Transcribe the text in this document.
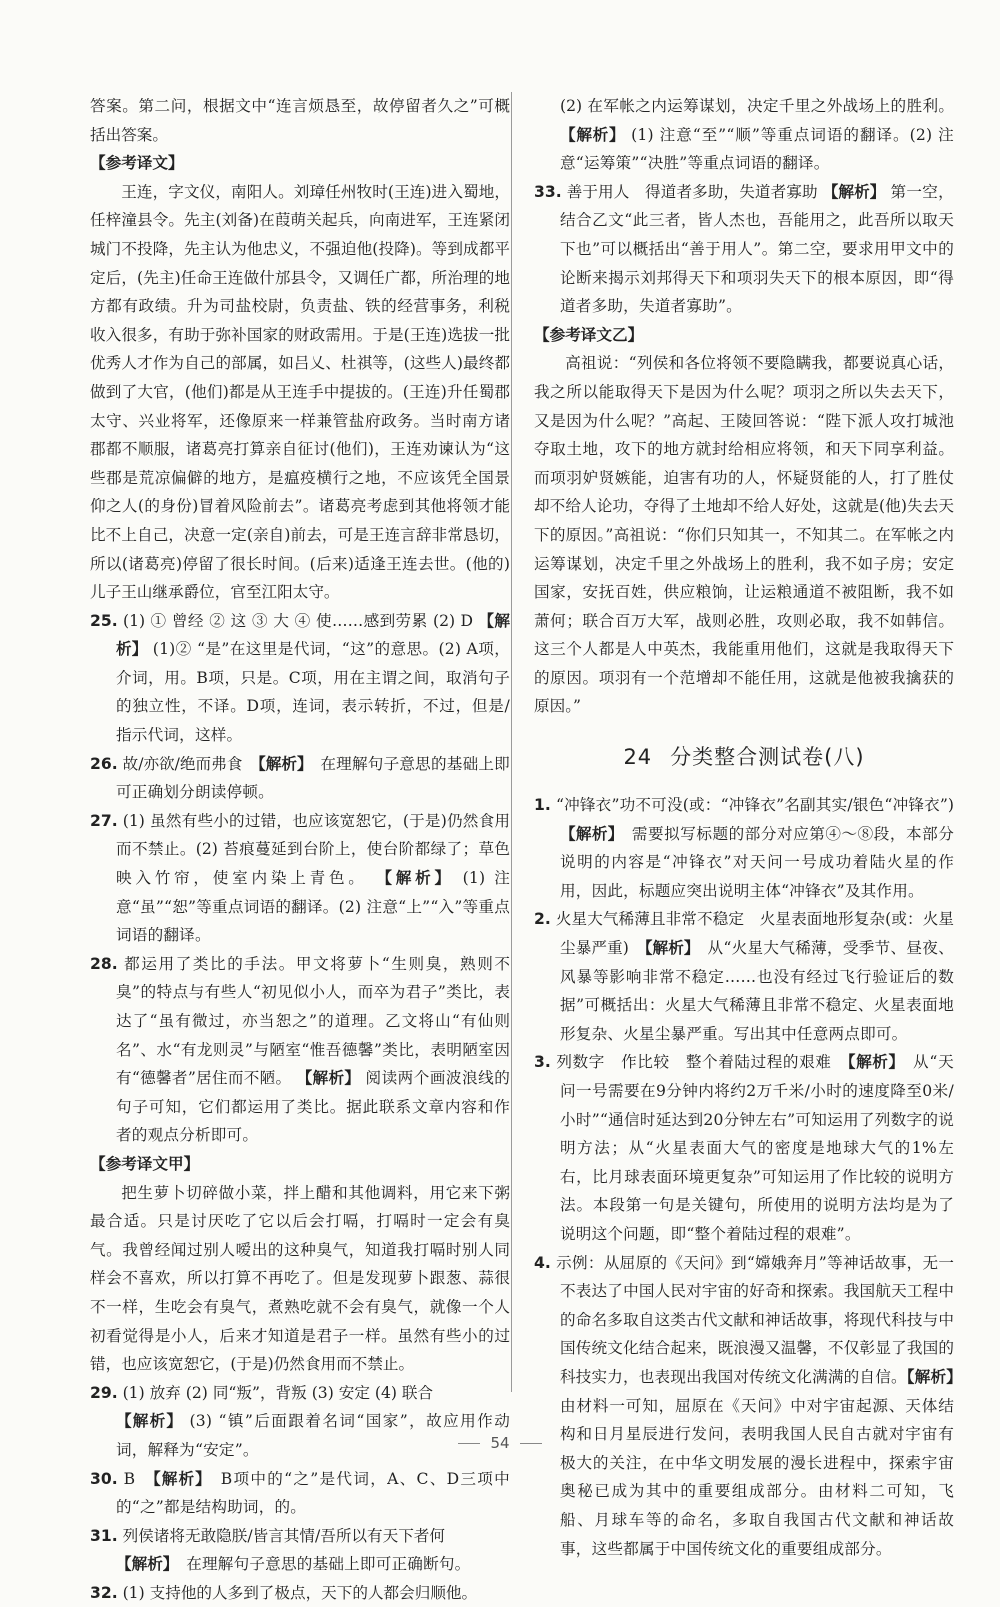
答案。第二问，根据文中“连言烦恳至，故停留者久之”可概括出答案。

【参考译文】

王连，字文仪，南阳人。刘璋任州牧时(王连)进入蜀地，任梓潼县令。先主(刘备)在葭萌关起兵，向南进军，王连紧闭城门不投降，先主认为他忠义，不强迫他(投降)。等到成都平定后，(先主)任命王连做什邡县令，又调任广都，所治理的地方都有政绩。升为司盐校尉，负责盐、铁的经营事务，利税收入很多，有助于弥补国家的财政需用。于是(王连)选拔一批优秀人才作为自己的部属，如吕乂、杜祺等，(这些人)最终都做到了大官，(他们)都是从王连手中提拔的。(王连)升任蜀郡太守、兴业将军，还像原来一样兼管盐府政务。当时南方诸郡都不顺服，诸葛亮打算亲自征讨(他们)，王连劝谏认为“这些郡是荒凉偏僻的地方，是瘟疫横行之地，不应该凭全国景仰之人(的身份)冒着风险前去”。诸葛亮考虑到其他将领才能比不上自己，决意一定(亲自)前去，可是王连言辞非常恳切，所以(诸葛亮)停留了很长时间。(后来)适逢王连去世。(他的)儿子王山继承爵位，官至江阳太守。

25. (1) ① 曾经 ② 这 ③ 大 ④ 使……感到劳累 (2) D 【解析】 (1)② “是”在这里是代词，“这”的意思。(2) A项，介词，用。B项，只是。C项，用在主谓之间，取消句子的独立性，不译。D项，连词，表示转折，不过，但是/指示代词，这样。

26. 故/亦欲/绝而弗食　 【解析】　 在理解句子意思的基础上即可正确划分朗读停顿。

27. (1) 虽然有些小的过错，也应该宽恕它，(于是)仍然食用而不禁止。(2) 苔痕蔓延到台阶上，使台阶都绿了；草色映入竹帘，使室内染上青色。 【解析】 (1) 注意“虽”“恕”等重点词语的翻译。(2) 注意“上”“入”等重点词语的翻译。

28. 都运用了类比的手法。甲文将萝卜“生则臭，熟则不臭”的特点与有些人“初见似小人，而卒为君子”类比，表达了“虽有微过，亦当恕之”的道理。乙文将山“有仙则名”、水“有龙则灵”与陋室“惟吾德馨”类比，表明陋室因有“德馨者”居住而不陋。 【解析】 阅读两个画波浪线的句子可知，它们都运用了类比。据此联系文章内容和作者的观点分析即可。

【参考译文甲】

把生萝卜切碎做小菜，拌上醋和其他调料，用它来下粥最合适。只是讨厌吃了它以后会打嗝，打嗝时一定会有臭气。我曾经闻过别人嗳出的这种臭气，知道我打嗝时别人同样会不喜欢，所以打算不再吃了。但是发现萝卜跟葱、蒜很不一样，生吃会有臭气，煮熟吃就不会有臭气，就像一个人初看觉得是小人，后来才知道是君子一样。虽然有些小的过错，也应该宽恕它，(于是)仍然食用而不禁止。

29. (1) 放弃 (2) 同“叛”，背叛 (3) 安定 (4) 联合
【解析】 (3) “镇”后面跟着名词“国家”，故应用作动词，解释为“安定”。

30. B　 【解析】　 B项中的“之”是代词，A、C、D三项中的“之”都是结构助词，的。

31. 列侯诸将无敢隐朕/皆言其情/吾所以有天下者何
【解析】　 在理解句子意思的基础上即可正确断句。

32. (1) 支持他的人多到了极点，天下的人都会归顺他。

(2) 在军帐之内运筹谋划，决定千里之外战场上的胜利。【解析】 (1) 注意“至”“顺”等重点词语的翻译。(2) 注意“运筹策”“决胜”等重点词语的翻译。

33. 善于用人　得道者多助，失道者寡助 【解析】 第一空，结合乙文“此三者，皆人杰也，吾能用之，此吾所以取天下也”可以概括出“善于用人”。第二空，要求用甲文中的论断来揭示刘邦得天下和项羽失天下的根本原因，即“得道者多助，失道者寡助”。

【参考译文乙】

高祖说：“列侯和各位将领不要隐瞒我，都要说真心话，我之所以能取得天下是因为什么呢？项羽之所以失去天下，又是因为什么呢？”高起、王陵回答说：“陛下派人攻打城池夺取土地，攻下的地方就封给相应将领，和天下同享利益。而项羽妒贤嫉能，迫害有功的人，怀疑贤能的人，打了胜仗却不给人论功，夺得了土地却不给人好处，这就是(他)失去天下的原因。”高祖说：“你们只知其一，不知其二。在军帐之内运筹谋划，决定千里之外战场上的胜利，我不如子房；安定国家，安抚百姓，供应粮饷，让运粮通道不被阻断，我不如萧何；联合百万大军，战则必胜，攻则必取，我不如韩信。这三个人都是人中英杰，我能重用他们，这就是我取得天下的原因。项羽有一个范增却不能任用，这就是他被我擒获的原因。”

24 分类整合测试卷(八)

1. “冲锋衣”功不可没(或：“冲锋衣”名副其实/银色“冲锋衣”)　【解析】　 需要拟写标题的部分对应第④～⑧段，本部分说明的内容是“冲锋衣”对天问一号成功着陆火星的作用，因此，标题应突出说明主体“冲锋衣”及其作用。

2. 火星大气稀薄且非常不稳定　火星表面地形复杂(或：火星尘暴严重)　 【解析】　 从“火星大气稀薄，受季节、昼夜、风暴等影响非常不稳定……也没有经过飞行验证后的数据”可概括出：火星大气稀薄且非常不稳定、火星表面地形复杂、火星尘暴严重。写出其中任意两点即可。

3. 列数字　作比较　整个着陆过程的艰难　 【解析】　 从“天问一号需要在9分钟内将约2万千米/小时的速度降至0米/小时”“通信时延达到20分钟左右”可知运用了列数字的说明方法；从“火星表面大气的密度是地球大气的1%左右，比月球表面环境更复杂”可知运用了作比较的说明方法。本段第一句是关键句，所使用的说明方法均是为了说明这个问题，即“整个着陆过程的艰难”。

4. 示例：从屈原的《天问》到“嫦娥奔月”等神话故事，无一不表达了中国人民对宇宙的好奇和探索。我国航天工程中的命名多取自这类古代文献和神话故事，将现代科技与中国传统文化结合起来，既浪漫又温馨，不仅彰显了我国的科技实力，也表现出我国对传统文化满满的自信。【解析】　由材料一可知，屈原在《天问》中对宇宙起源、天体结构和日月星辰进行发问，表明我国人民自古就对宇宙有极大的关注，在中华文明发展的漫长进程中，探索宇宙奥秘已成为其中的重要组成部分。由材料二可知，飞船、月球车等的命名，多取自我国古代文献和神话故事，这些都属于中国传统文化的重要组成部分。

54
